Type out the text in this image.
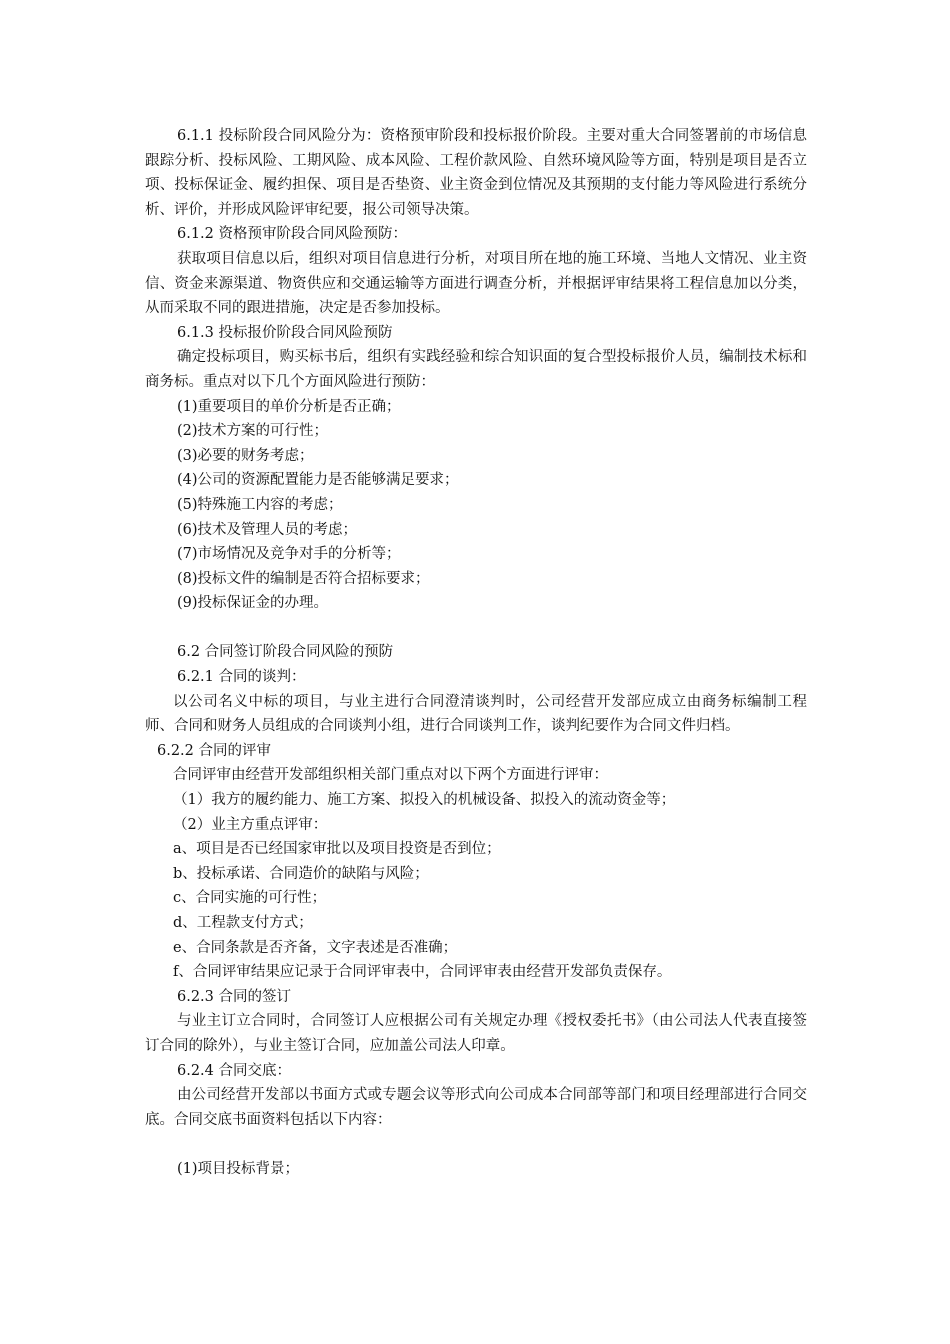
6.1.1 投标阶段合同风险分为：资格预审阶段和投标报价阶段。主要对重大合同签署前的市场信息跟踪分析、投标风险、工期风险、成本风险、工程价款风险、自然环境风险等方面，特别是项目是否立项、投标保证金、履约担保、项目是否垫资、业主资金到位情况及其预期的支付能力等风险进行系统分析、评价，并形成风险评审纪要，报公司领导决策。

6.1.2 资格预审阶段合同风险预防：

获取项目信息以后，组织对项目信息进行分析，对项目所在地的施工环境、当地人文情况、业主资信、资金来源渠道、物资供应和交通运输等方面进行调查分析，并根据评审结果将工程信息加以分类，从而采取不同的跟进措施，决定是否参加投标。

6.1.3 投标报价阶段合同风险预防

确定投标项目，购买标书后，组织有实践经验和综合知识面的复合型投标报价人员，编制技术标和商务标。重点对以下几个方面风险进行预防：

(1)重要项目的单价分析是否正确；

(2)技术方案的可行性；

(3)必要的财务考虑；

(4)公司的资源配置能力是否能够满足要求；

(5)特殊施工内容的考虑；

(6)技术及管理人员的考虑；

(7)市场情况及竞争对手的分析等；

(8)投标文件的编制是否符合招标要求；

(9)投标保证金的办理。

6.2 合同签订阶段合同风险的预防

6.2.1 合同的谈判：

以公司名义中标的项目，与业主进行合同澄清谈判时，公司经营开发部应成立由商务标编制工程师、合同和财务人员组成的合同谈判小组，进行合同谈判工作，谈判纪要作为合同文件归档。

6.2.2 合同的评审

合同评审由经营开发部组织相关部门重点对以下两个方面进行评审：

（1）我方的履约能力、施工方案、拟投入的机械设备、拟投入的流动资金等；

（2）业主方重点评审：

a、项目是否已经国家审批以及项目投资是否到位；

b、投标承诺、合同造价的缺陷与风险；

c、合同实施的可行性；

d、工程款支付方式；

e、合同条款是否齐备，文字表述是否准确；

f、合同评审结果应记录于合同评审表中，合同评审表由经营开发部负责保存。

6.2.3 合同的签订

与业主订立合同时，合同签订人应根据公司有关规定办理《授权委托书》（由公司法人代表直接签订合同的除外），与业主签订合同，应加盖公司法人印章。

6.2.4 合同交底：

由公司经营开发部以书面方式或专题会议等形式向公司成本合同部等部门和项目经理部进行合同交底。合同交底书面资料包括以下内容：

(1)项目投标背景；
